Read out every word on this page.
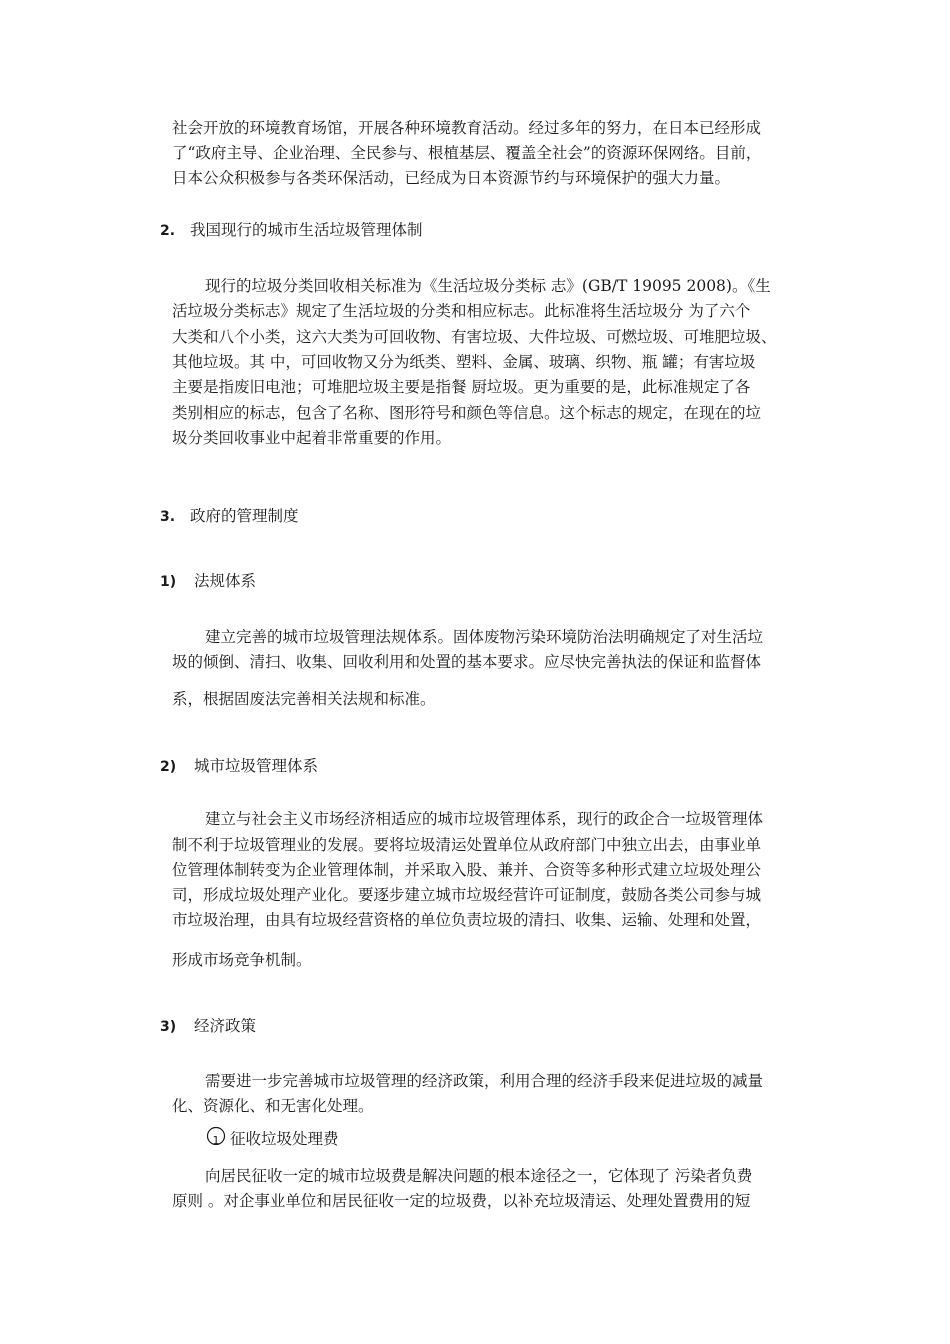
社会开放的环境教育场馆，开展各种环境教育活动。经过多年的努力，在日本已经形成
了“政府主导、企业治理、全民参与、根植基层、覆盖全社会”的资源环保网络。目前，
日本公众积极参与各类环保活动，已经成为日本资源节约与环境保护的强大力量。
2. 我国现行的城市生活垃圾管理体制
现行的垃圾分类回收相关标准为《生活垃圾分类标 志》(GB/T 19095 2008)。《生
活垃圾分类标志》规定了生活垃圾的分类和相应标志。此标准将生活垃圾分 为了六个
大类和八个小类，这六大类为可回收物、有害垃圾、大件垃圾、可燃垃圾、可堆肥垃圾、
其他垃圾。其 中，可回收物又分为纸类、塑料、金属、玻璃、织物、瓶 罐；有害垃圾
主要是指废旧电池；可堆肥垃圾主要是指餐 厨垃圾。更为重要的是，此标准规定了各
类别相应的标志，包含了名称、图形符号和颜色等信息。这个标志的规定，在现在的垃
圾分类回收事业中起着非常重要的作用。
3. 政府的管理制度
1) 法规体系
建立完善的城市垃圾管理法规体系。固体废物污染环境防治法明确规定了对生活垃
圾的倾倒、清扫、收集、回收利用和处置的基本要求。应尽快完善执法的保证和监督体
系，根据固废法完善相关法规和标准。
2) 城市垃圾管理体系
建立与社会主义市场经济相适应的城市垃圾管理体系，现行的政企合一垃圾管理体
制不利于垃圾管理业的发展。要将垃圾清运处置单位从政府部门中独立出去，由事业单
位管理体制转变为企业管理体制，并采取入股、兼并、合资等多种形式建立垃圾处理公
司，形成垃圾处理产业化。要逐步建立城市垃圾经营许可证制度，鼓励各类公司参与城
市垃圾治理，由具有垃圾经营资格的单位负责垃圾的清扫、收集、运输、处理和处置，
形成市场竞争机制。
3) 经济政策
需要进一步完善城市垃圾管理的经济政策，利用合理的经济手段来促进垃圾的减量
化、资源化、和无害化处理。
1 征收垃圾处理费
向居民征收一定的城市垃圾费是解决问题的根本途径之一，它体现了 污染者负费
原则 。对企事业单位和居民征收一定的垃圾费，以补充垃圾清运、处理处置费用的短
